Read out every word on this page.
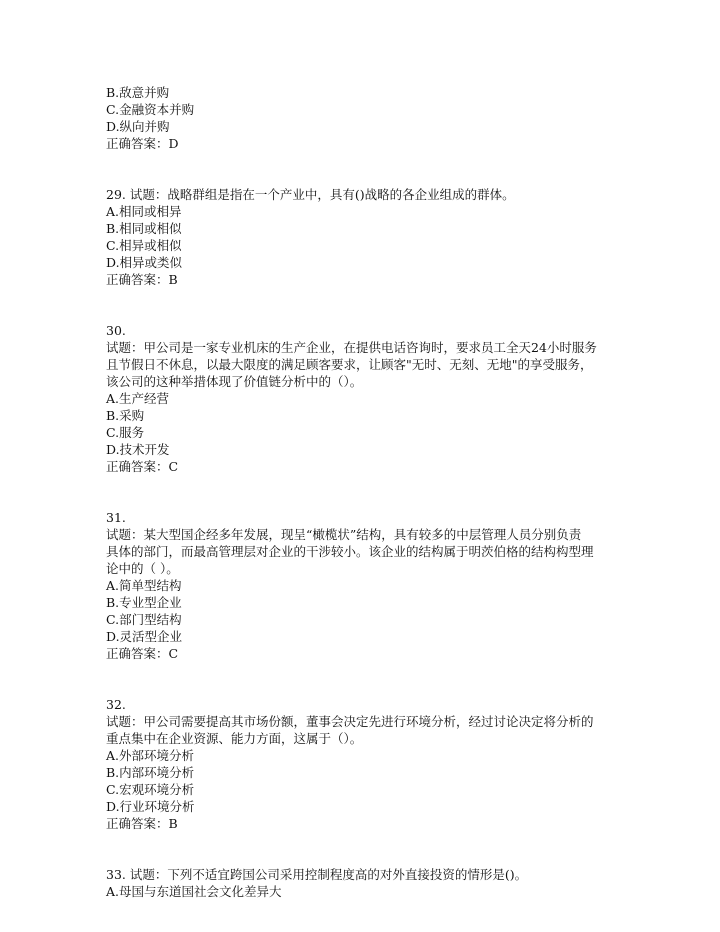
B.敌意并购

C.金融资本并购

D.纵向并购

正确答案：D

29. 试题：战略群组是指在一个产业中，具有()战略的各企业组成的群体。

A.相同或相异

B.相同或相似

C.相异或相似

D.相异或类似

正确答案：B

30.

试题：甲公司是一家专业机床的生产企业，在提供电话咨询时，要求员工全天24小时服务

且节假日不休息，以最大限度的满足顾客要求，让顾客"无时、无刻、无地"的享受服务，

该公司的这种举措体现了价值链分析中的（）。

A.生产经营

B.采购

C.服务

D.技术开发

正确答案：C

31.

试题：某大型国企经多年发展，现呈“橄榄状”结构，具有较多的中层管理人员分别负责

具体的部门，而最高管理层对企业的干涉较小。该企业的结构属于明茨伯格的结构构型理

论中的（ ）。

A.简单型结构

B.专业型企业

C.部门型结构

D.灵活型企业

正确答案：C

32.

试题：甲公司需要提高其市场份额，董事会决定先进行环境分析，经过讨论决定将分析的

重点集中在企业资源、能力方面，这属于（）。

A.外部环境分析

B.内部环境分析

C.宏观环境分析

D.行业环境分析

正确答案：B

33. 试题：下列不适宜跨国公司采用控制程度高的对外直接投资的情形是()。

A.母国与东道国社会文化差异大
